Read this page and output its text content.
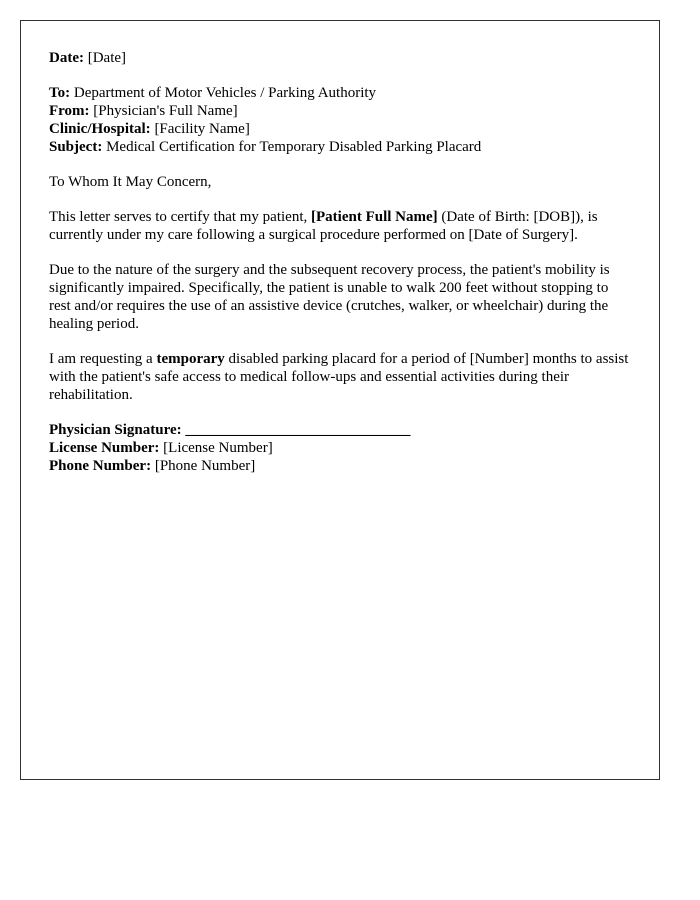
Date: [Date]
To: Department of Motor Vehicles / Parking Authority
From: [Physician's Full Name]
Clinic/Hospital: [Facility Name]
Subject: Medical Certification for Temporary Disabled Parking Placard

To Whom It May Concern,

This letter serves to certify that my patient, [Patient Full Name] (Date of Birth: [DOB]), is currently under my care following a surgical procedure performed on [Date of Surgery].

Due to the nature of the surgery and the subsequent recovery process, the patient's mobility is significantly impaired. Specifically, the patient is unable to walk 200 feet without stopping to rest and/or requires the use of an assistive device (crutches, walker, or wheelchair) during the healing period.

I am requesting a temporary disabled parking placard for a period of [Number] months to assist with the patient's safe access to medical follow-ups and essential activities during their rehabilitation.

Physician Signature: ______________________________
License Number: [License Number]
Phone Number: [Phone Number]
